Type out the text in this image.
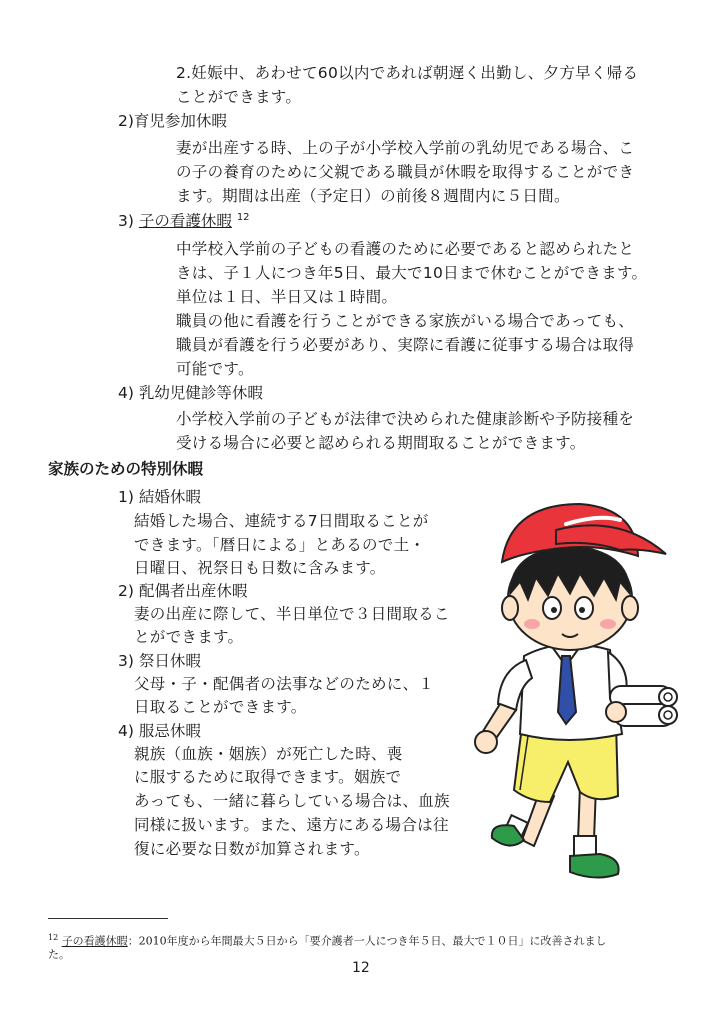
2.妊娠中、あわせて60以内であれば朝遅く出勤し、夕方早く帰る
ことができます。
2)育児参加休暇
妻が出産する時、上の子が小学校入学前の乳幼児である場合、こ
の子の養育のために父親である職員が休暇を取得することができ
ます。期間は出産（予定日）の前後８週間内に５日間。
3) 子の看護休暇 $^{12}$
中学校入学前の子どもの看護のために必要であると認められたと
きは、子１人につき年5日、最大で10日まで休むことができます。
単位は１日、半日又は１時間。
職員の他に看護を行うことができる家族がいる場合であっても、
職員が看護を行う必要があり、実際に看護に従事する場合は取得
可能です。
4) 乳幼児健診等休暇
小学校入学前の子どもが法律で決められた健康診断や予防接種を
受ける場合に必要と認められる期間取ることができます。
家族のための特別休暇
1) 結婚休暇
結婚した場合、連続する7日間取ることが
できます。「暦日による」とあるので土・
日曜日、祝祭日も日数に含みます。
2) 配偶者出産休暇
妻の出産に際して、半日単位で３日間取るこ
とができます。
3) 祭日休暇
父母・子・配偶者の法事などのために、１
日取ることができます。
4) 服忌休暇
親族（血族・姻族）が死亡した時、喪
に服するために取得できます。姻族で
あっても、一緒に暮らしている場合は、血族
同様に扱います。また、遠方にある場合は往
復に必要な日数が加算されます。
$^{12}$ 子の看護休暇：2010年度から年間最大５日から「要介護者一人につき年５日、最大で１０日」に改善されまし
た。
12
